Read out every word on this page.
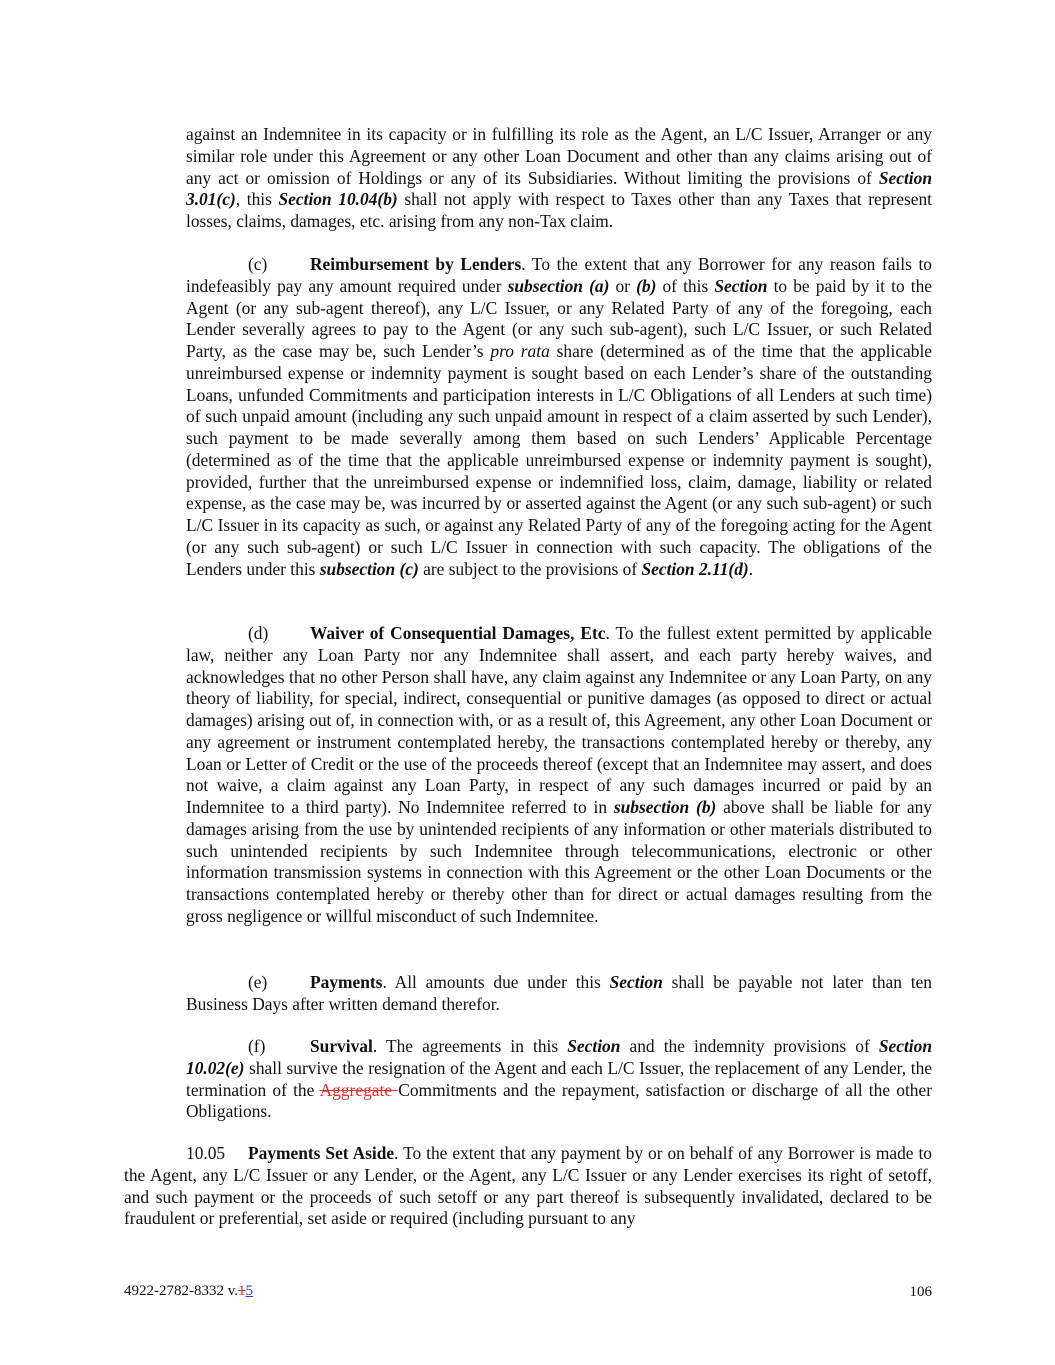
against an Indemnitee in its capacity or in fulfilling its role as the Agent, an L/C Issuer, Arranger or any similar role under this Agreement or any other Loan Document and other than any claims arising out of any act or omission of Holdings or any of its Subsidiaries. Without limiting the provisions of Section 3.01(c), this Section 10.04(b) shall not apply with respect to Taxes other than any Taxes that represent losses, claims, damages, etc. arising from any non-Tax claim.

(c) Reimbursement by Lenders. To the extent that any Borrower for any reason fails to indefeasibly pay any amount required under subsection (a) or (b) of this Section to be paid by it to the Agent (or any sub-agent thereof), any L/C Issuer, or any Related Party of any of the foregoing, each Lender severally agrees to pay to the Agent (or any such sub-agent), such L/C Issuer, or such Related Party, as the case may be, such Lender’s pro rata share (determined as of the time that the applicable unreimbursed expense or indemnity payment is sought based on each Lender’s share of the outstanding Loans, unfunded Commitments and participation interests in L/C Obligations of all Lenders at such time) of such unpaid amount (including any such unpaid amount in respect of a claim asserted by such Lender), such payment to be made severally among them based on such Lenders’ Applicable Percentage (determined as of the time that the applicable unreimbursed expense or indemnity payment is sought), provided, further that the unreimbursed expense or indemnified loss, claim, damage, liability or related expense, as the case may be, was incurred by or asserted against the Agent (or any such sub-agent) or such L/C Issuer in its capacity as such, or against any Related Party of any of the foregoing acting for the Agent (or any such sub-agent) or such L/C Issuer in connection with such capacity. The obligations of the Lenders under this subsection (c) are subject to the provisions of Section 2.11(d).

(d) Waiver of Consequential Damages, Etc. To the fullest extent permitted by applicable law, neither any Loan Party nor any Indemnitee shall assert, and each party hereby waives, and acknowledges that no other Person shall have, any claim against any Indemnitee or any Loan Party, on any theory of liability, for special, indirect, consequential or punitive damages (as opposed to direct or actual damages) arising out of, in connection with, or as a result of, this Agreement, any other Loan Document or any agreement or instrument contemplated hereby, the transactions contemplated hereby or thereby, any Loan or Letter of Credit or the use of the proceeds thereof (except that an Indemnitee may assert, and does not waive, a claim against any Loan Party, in respect of any such damages incurred or paid by an Indemnitee to a third party). No Indemnitee referred to in subsection (b) above shall be liable for any damages arising from the use by unintended recipients of any information or other materials distributed to such unintended recipients by such Indemnitee through telecommunications, electronic or other information transmission systems in connection with this Agreement or the other Loan Documents or the transactions contemplated hereby or thereby other than for direct or actual damages resulting from the gross negligence or willful misconduct of such Indemnitee.

(e) Payments. All amounts due under this Section shall be payable not later than ten Business Days after written demand therefor.

(f)	Survival. The agreements in this Section and the indemnity provisions of Section 10.02(e) shall survive the resignation of the Agent and each L/C Issuer, the replacement of any Lender, the termination of the Aggregate Commitments and the repayment, satisfaction or discharge of all the other Obligations.

10.05 Payments Set Aside. To the extent that any payment by or on behalf of any Borrower is made to the Agent, any L/C Issuer or any Lender, or the Agent, any L/C Issuer or any Lender exercises its right of setoff, and such payment or the proceeds of such setoff or any part thereof is subsequently invalidated, declared to be fraudulent or preferential, set aside or required (including pursuant to any

4922-2782-8332 v.15	106
